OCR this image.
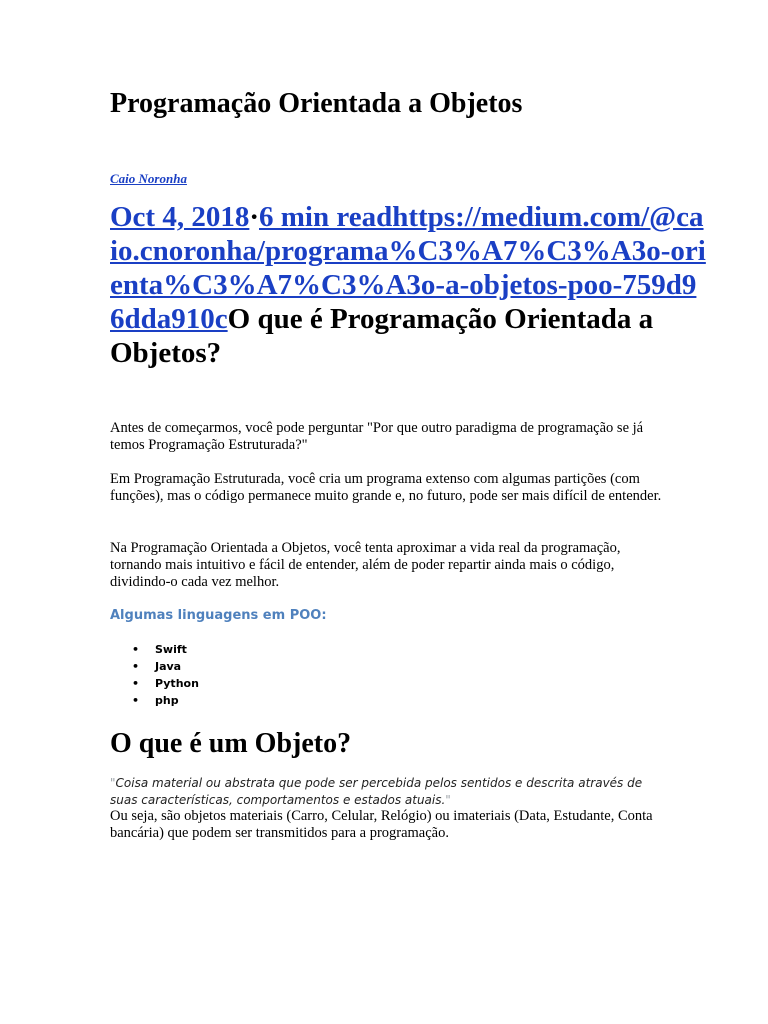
Programação Orientada a Objetos
Caio Noronha
Oct 4, 2018·6 min readhttps://medium.com/@caio.cnoronha/programa%C3%A7%C3%A3o-orienta%C3%A7%C3%A3o-a-objetos-poo-759d96dda910cO que é Programação Orientada a Objetos?

Antes de começarmos, você pode perguntar "Por que outro paradigma de programação se já temos Programação Estruturada?"

Em Programação Estruturada, você cria um programa extenso com algumas partições (com funções), mas o código permanece muito grande e, no futuro, pode ser mais difícil de entender.

Na Programação Orientada a Objetos, você tenta aproximar a vida real da programação, tornando mais intuitivo e fácil de entender, além de poder repartir ainda mais o código, dividindo-o cada vez melhor.

Algumas linguagens em POO:
• Swift
• Java
• Python
• php
O que é um Objeto?

"Coisa material ou abstrata que pode ser percebida pelos sentidos e descrita através de suas características, comportamentos e estados atuais."

Ou seja, são objetos materiais (Carro, Celular, Relógio) ou imateriais (Data, Estudante, Conta bancária) que podem ser transmitidos para a programação.
